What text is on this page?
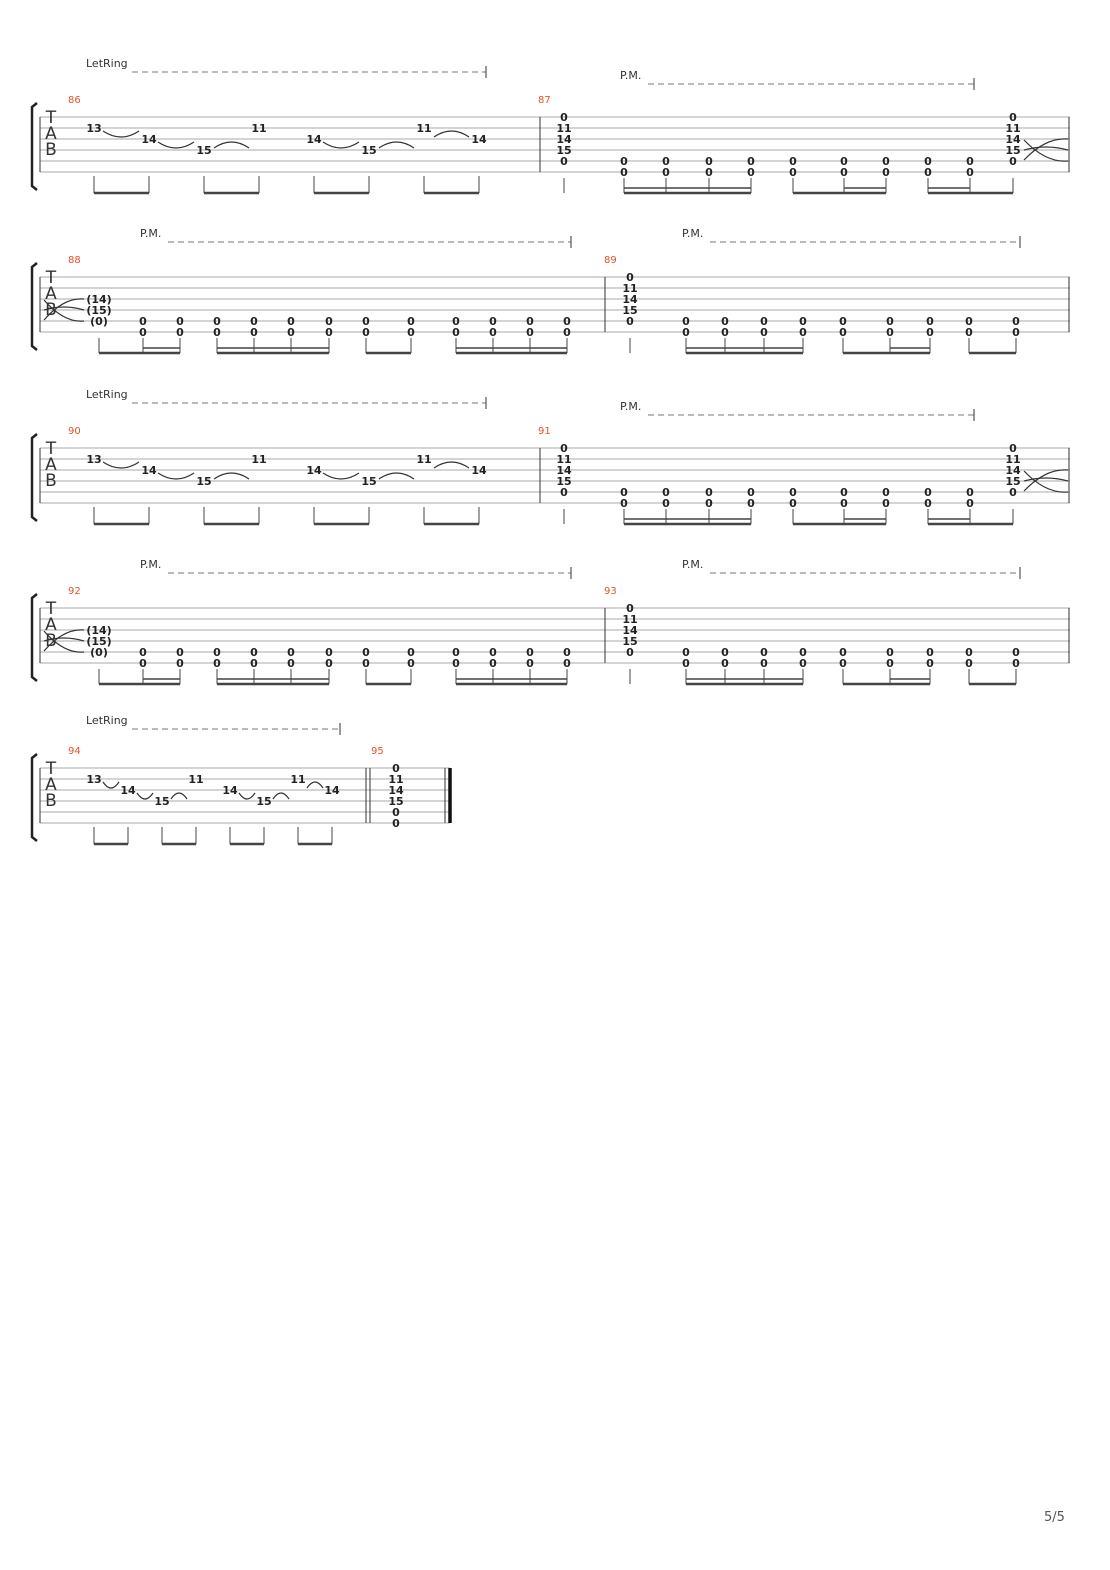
T
A
B
86	87
LetRing
P.M.
13
14
15
11
14
15
11
14
0
11
14
15
0	0
0
0
0
0
0
0
0
0
0
0
0
0
0
0
0
0
0
0
11
14
15
0
T
A
B
88	89
P.M.	P.M.
(14)
(15)
(0)	0
0
0
0
0
0
0
0
0
0
0
0
0
0
0
0
0
0
0
0
0
0
0
0
0
11
14
15
0	0
0
0
0
0
0
0
0
0
0
0
0
0
0
0
0
0
0
T
A
B
90	91
LetRing
P.M.
13
14
15
11
14
15
11
14
0
11
14
15
0	0
0
0
0
0
0
0
0
0
0
0
0
0
0
0
0
0
0
0
11
14
15
0
T
A
B
92	93
P.M.	P.M.
(14)
(15)
(0)	0
0
0
0
0
0
0
0
0
0
0
0
0
0
0
0
0
0
0
0
0
0
0
0
0
11
14
15
0	0
0
0
0
0
0
0
0
0
0
0
0
0
0
0
0
0
0
T
A
B
94	95
LetRing
13
14
15
11
14
15
11
14
0
11
14
15
0
0
5/5
